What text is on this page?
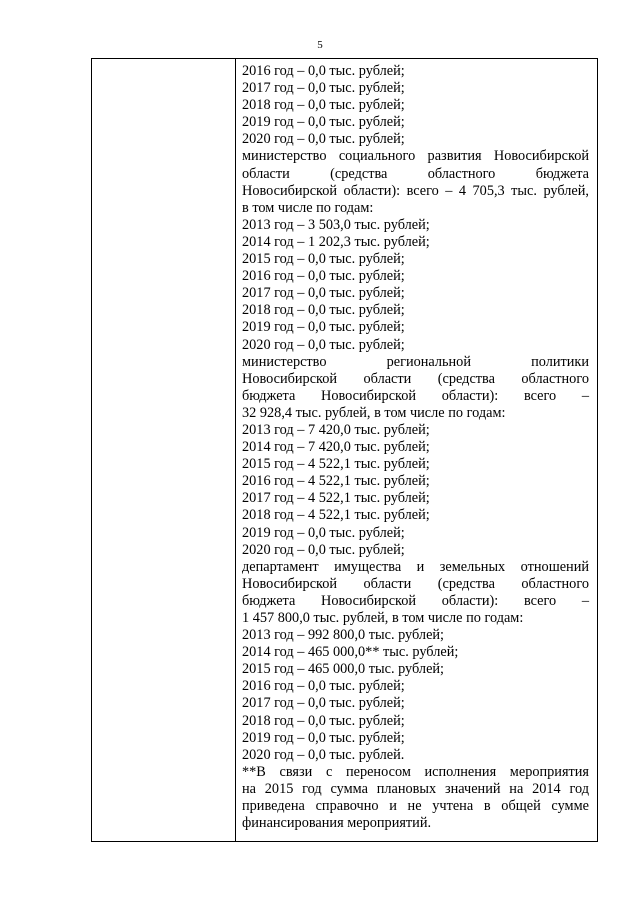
5
2016 год – 0,0 тыс. рублей;
2017 год – 0,0 тыс. рублей;
2018 год – 0,0 тыс. рублей;
2019 год – 0,0 тыс. рублей;
2020 год – 0,0 тыс. рублей;
министерство социального развития Новосибирской
области (средства областного бюджета
Новосибирской области): всего – 4 705,3 тыс. рублей,
в том числе по годам:
2013 год – 3 503,0 тыс. рублей;
2014 год – 1 202,3 тыс. рублей;
2015 год – 0,0 тыс. рублей;
2016 год – 0,0 тыс. рублей;
2017 год – 0,0 тыс. рублей;
2018 год – 0,0 тыс. рублей;
2019 год – 0,0 тыс. рублей;
2020 год – 0,0 тыс. рублей;
министерство региональной политики
Новосибирской области (средства областного
бюджета Новосибирской области): всего –
32 928,4 тыс. рублей, в том числе по годам:
2013 год – 7 420,0 тыс. рублей;
2014 год – 7 420,0 тыс. рублей;
2015 год – 4 522,1 тыс. рублей;
2016 год – 4 522,1 тыс. рублей;
2017 год – 4 522,1 тыс. рублей;
2018 год – 4 522,1 тыс. рублей;
2019 год – 0,0 тыс. рублей;
2020 год – 0,0 тыс. рублей;
департамент имущества и земельных отношений
Новосибирской области (средства областного
бюджета Новосибирской области): всего –
1 457 800,0 тыс. рублей, в том числе по годам:
2013 год – 992 800,0 тыс. рублей;
2014 год – 465 000,0** тыс. рублей;
2015 год – 465 000,0 тыс. рублей;
2016 год – 0,0 тыс. рублей;
2017 год – 0,0 тыс. рублей;
2018 год – 0,0 тыс. рублей;
2019 год – 0,0 тыс. рублей;
2020 год – 0,0 тыс. рублей.
**В связи с переносом исполнения мероприятия
на 2015 год сумма плановых значений на 2014 год
приведена справочно и не учтена в общей сумме
финансирования мероприятий.
